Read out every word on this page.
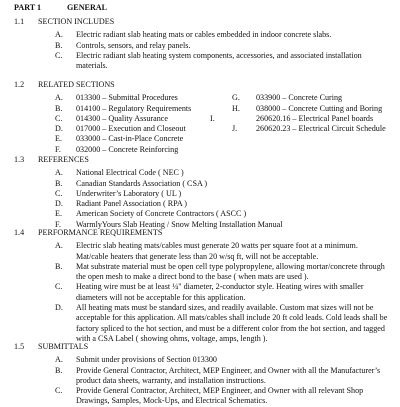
PART 1	GENERAL
1.1 SECTION INCLUDES
A. Electric radiant slab heating mats or cables embedded in indoor concrete slabs.
B. Controls, sensors, and relay panels.
C. Electric radiant slab heating system components, accessories, and associated installation materials.
1.2 RELATED SECTIONS
A. 013300 – Submittal Procedures	G. 033900 – Concrete Curing
B. 014100 – Regulatory Requirements	H. 038000 – Concrete Cutting and Boring
C. 014300 – Quality Assurance	I.	260620.16 – Electrical Panel boards
D. 017000 – Execution and Closeout	J. 260620.23 – Electrical Circuit Schedule
E. 033000 – Cast-in-Place Concrete
F. 032000 – Concrete Reinforcing
1.3 REFERENCES
A. National Electrical Code ( NEC )
B. Canadian Standards Association ( CSA )
C. Underwriter’s Laboratory ( UL )
D. Radiant Panel Association ( RPA )
E. American Society of Concrete Contractors ( ASCC )
F. WarmlyYours Slab Heating / Snow Melting Installation Manual
1.4 PERFORMANCE REQUIREMENTS
A. Electric slab heating mats/cables must generate 20 watts per square foot at a minimum. Mat/cable heaters that generate less than 20 w/sq ft, will not be acceptable.
B. Mat substrate material must be open cell type polypropylene, allowing mortar/concrete through the open mesh to make a direct bond to the base ( when mats are used ).
C. Heating wire must be at least ¼" diameter, 2-conductor style. Heating wires with smaller diameters will not be acceptable for this application.
D. All heating mats must be standard sizes, and readily available. Custom mat sizes will not be acceptable for this application. All mats/cables shall include 20 ft cold leads. Cold leads shall be factory spliced to the hot section, and must be a different color from the hot section, and tagged with a CSA Label ( showing ohms, voltage, amps, length ).
1.5 SUBMITTALS
A. Submit under provisions of Section 013300
B. Provide General Contractor, Architect, MEP Engineer, and Owner with all the Manufacturer’s product data sheets, warranty, and installation instructions.
C. Provide General Contractor, Architect, MEP Engineer, and Owner with all relevant Shop Drawings, Samples, Mock-Ups, and Electrical Schematics.
